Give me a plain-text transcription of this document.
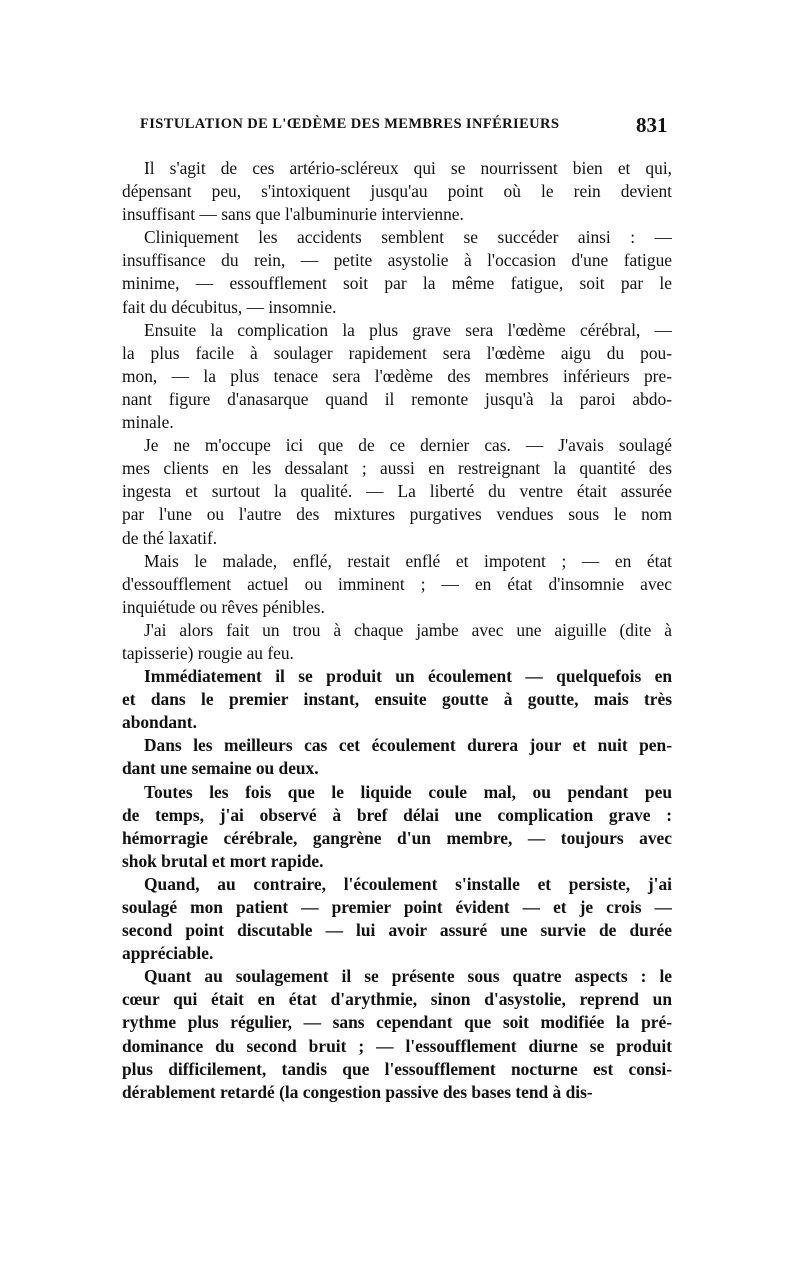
FISTULATION DE L'ŒDÈME DES MEMBRES INFÉRIEURS	831
Il s'agit de ces artério-scléreux qui se nourrissent bien et qui,
dépensant peu, s'intoxiquent jusqu'au point où le rein devient
insuffisant — sans que l'albuminurie intervienne.
Cliniquement les accidents semblent se succéder ainsi : —
insuffisance du rein, — petite asystolie à l'occasion d'une fatigue
minime, — essoufflement soit par la même fatigue, soit par le
fait du décubitus, — insomnie.
Ensuite la complication la plus grave sera l'œdème cérébral, —
la plus facile à soulager rapidement sera l'œdème aigu du pou-
mon, — la plus tenace sera l'œdème des membres inférieurs pre-
nant figure d'anasarque quand il remonte jusqu'à la paroi abdo-
minale.
Je ne m'occupe ici que de ce dernier cas. — J'avais soulagé
mes clients en les dessalant ; aussi en restreignant la quantité des
ingesta et surtout la qualité. — La liberté du ventre était assurée
par l'une ou l'autre des mixtures purgatives vendues sous le nom
de thé laxatif.
Mais le malade, enflé, restait enflé et impotent ; — en état
d'essoufflement actuel ou imminent ; — en état d'insomnie avec
inquiétude ou rêves pénibles.
J'ai alors fait un trou à chaque jambe avec une aiguille (dite à
tapisserie) rougie au feu.
Immédiatement il se produit un écoulement — quelquefois en
et dans le premier instant, ensuite goutte à goutte, mais très
abondant.
Dans les meilleurs cas cet écoulement durera jour et nuit pen-
dant une semaine ou deux.
Toutes les fois que le liquide coule mal, ou pendant peu
de temps, j'ai observé à bref délai une complication grave :
hémorragie cérébrale, gangrène d'un membre, — toujours avec
shok brutal et mort rapide.
Quand, au contraire, l'écoulement s'installe et persiste, j'ai
soulagé mon patient — premier point évident — et je crois —
second point discutable — lui avoir assuré une survie de durée
appréciable.
Quant au soulagement il se présente sous quatre aspects : le
cœur qui était en état d'arythmie, sinon d'asystolie, reprend un
rythme plus régulier, — sans cependant que soit modifiée la pré-
dominance du second bruit ; — l'essoufflement diurne se produit
plus difficilement, tandis que l'essoufflement nocturne est consi-
dérablement retardé (la congestion passive des bases tend à dis-
